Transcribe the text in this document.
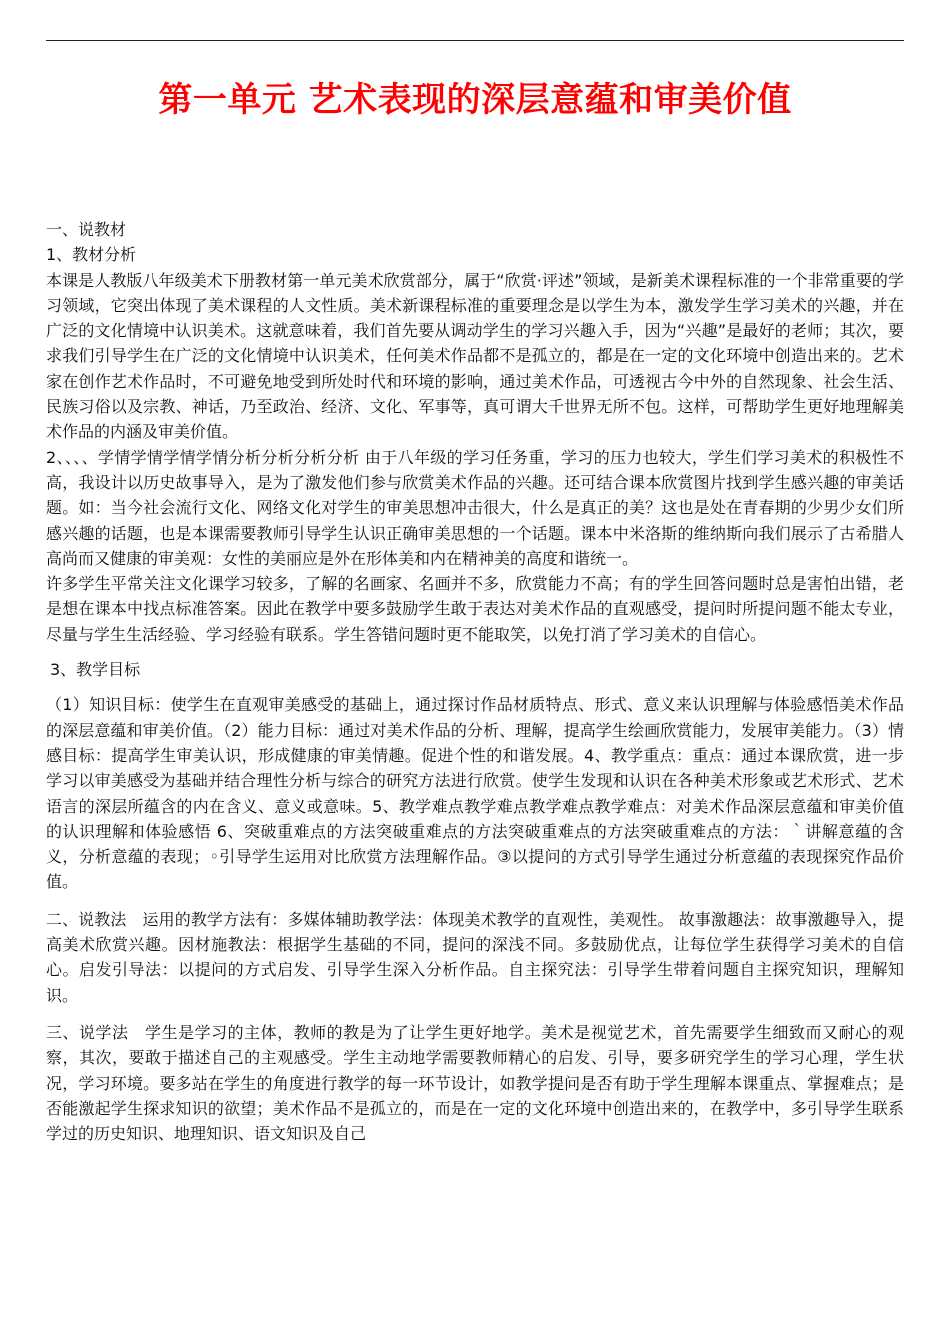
第一单元 艺术表现的深层意蕴和审美价值

一、说教材

1、教材分析

本课是人教版八年级美术下册教材第一单元美术欣赏部分，属于“欣赏·评述”领域，是新美术课程标准的一个非常重要的学习领域，它突出体现了美术课程的人文性质。美术新课程标准的重要理念是以学生为本，激发学生学习美术的兴趣，并在广泛的文化情境中认识美术。这就意味着，我们首先要从调动学生的学习兴趣入手，因为“兴趣”是最好的老师；其次，要求我们引导学生在广泛的文化情境中认识美术，任何美术作品都不是孤立的，都是在一定的文化环境中创造出来的。艺术家在创作艺术作品时，不可避免地受到所处时代和环境的影响，通过美术作品，可透视古今中外的自然现象、社会生活、民族习俗以及宗教、神话，乃至政治、经济、文化、军事等，真可谓大千世界无所不包。这样，可帮助学生更好地理解美术作品的内涵及审美价值。

2、、、、学情学情学情学情分析分析分析分析 由于八年级的学习任务重，学习的压力也较大，学生们学习美术的积极性不高，我设计以历史故事导入，是为了激发他们参与欣赏美术作品的兴趣。还可结合课本欣赏图片找到学生感兴趣的审美话题。如：当今社会流行文化、网络文化对学生的审美思想冲击很大，什么是真正的美？这也是处在青春期的少男少女们所感兴趣的话题，也是本课需要教师引导学生认识正确审美思想的一个话题。课本中米洛斯的维纳斯向我们展示了古希腊人高尚而又健康的审美观：女性的美丽应是外在形体美和内在精神美的高度和谐统一。

许多学生平常关注文化课学习较多，了解的名画家、名画并不多，欣赏能力不高；有的学生回答问题时总是害怕出错，老是想在课本中找点标准答案。因此在教学中要多鼓励学生敢于表达对美术作品的直观感受，提问时所提问题不能太专业，尽量与学生生活经验、学习经验有联系。学生答错问题时更不能取笑，以免打消了学习美术的自信心。

3、教学目标

（1）知识目标：使学生在直观审美感受的基础上，通过探讨作品材质特点、形式、意义来认识理解与体验感悟美术作品的深层意蕴和审美价值。（2）能力目标：通过对美术作品的分析、理解，提高学生绘画欣赏能力，发展审美能力。（3）情感目标：提高学生审美认识，形成健康的审美情趣。促进个性的和谐发展。4、教学重点：重点：通过本课欣赏，进一步学习以审美感受为基础并结合理性分析与综合的研究方法进行欣赏。使学生发现和认识在各种美术形象或艺术形式、艺术语言的深层所蕴含的内在含义、意义或意味。5、教学难点教学难点教学难点教学难点：对美术作品深层意蕴和审美价值的认识理解和体验感悟 6、突破重难点的方法突破重难点的方法突破重难点的方法突破重难点的方法：｀讲解意蕴的含义，分析意蕴的表现；◦引导学生运用对比欣赏方法理解作品。③以提问的方式引导学生通过分析意蕴的表现探究作品价值。

二、说教法　运用的教学方法有：多媒体辅助教学法：体现美术教学的直观性，美观性。 故事激趣法：故事激趣导入，提高美术欣赏兴趣。因材施教法：根据学生基础的不同，提问的深浅不同。多鼓励优点，让每位学生获得学习美术的自信心。启发引导法：以提问的方式启发、引导学生深入分析作品。自主探究法：引导学生带着问题自主探究知识，理解知识。

三、说学法　学生是学习的主体，教师的教是为了让学生更好地学。美术是视觉艺术，首先需要学生细致而又耐心的观察，其次，要敢于描述自己的主观感受。学生主动地学需要教师精心的启发、引导，要多研究学生的学习心理，学生状况，学习环境。要多站在学生的角度进行教学的每一环节设计，如教学提问是否有助于学生理解本课重点、掌握难点；是否能激起学生探求知识的欲望；美术作品不是孤立的，而是在一定的文化环境中创造出来的，在教学中，多引导学生联系学过的历史知识、地理知识、语文知识及自己
